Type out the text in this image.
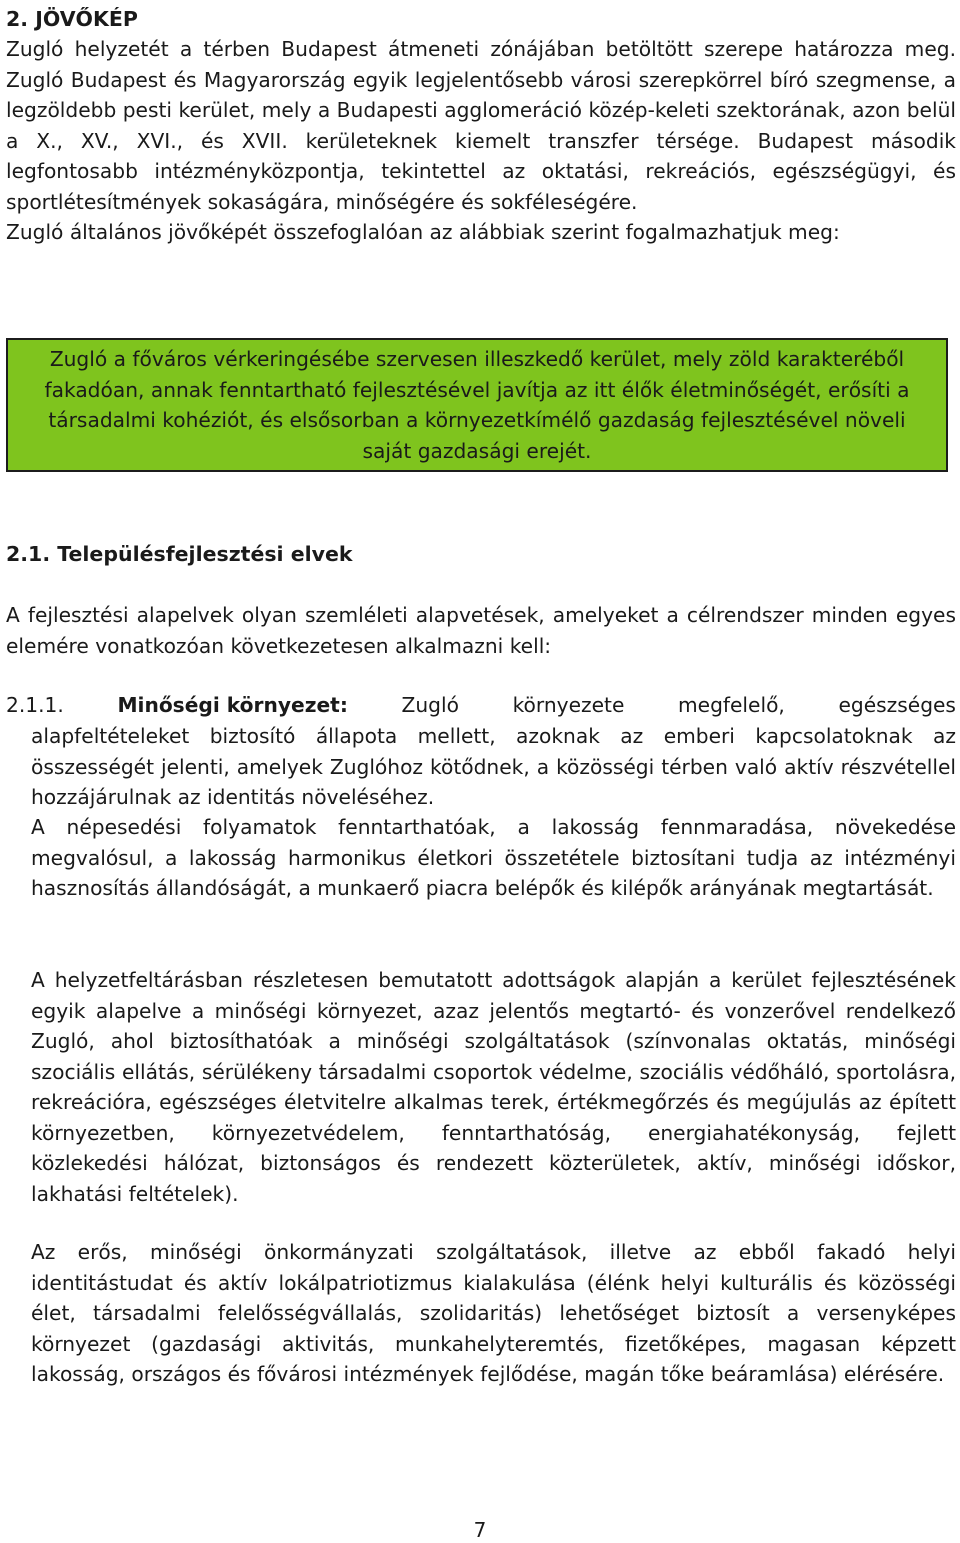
2. JÖVŐKÉP

Zugló helyzetét a térben Budapest átmeneti zónájában betöltött szerepe határozza meg. Zugló Budapest és Magyarország egyik legjelentősebb városi szerepkörrel bíró szegmense, a legzöldebb pesti kerület, mely a Budapesti agglomeráció közép-keleti szektorának, azon belül a X., XV., XVI., és XVII. kerületeknek kiemelt transzfer térsége. Budapest második legfontosabb intézményközpontja, tekintettel az oktatási, rekreációs, egészségügyi, és sportlétesítmények sokaságára, minőségére és sokféleségére.

Zugló általános jövőképét összefoglalóan az alábbiak szerint fogalmazhatjuk meg:

Zugló a főváros vérkeringésébe szervesen illeszkedő kerület, mely zöld karakteréből fakadóan, annak fenntartható fejlesztésével javítja az itt élők életminőségét, erősíti a társadalmi kohéziót, és elsősorban a környezetkímélő gazdaság fejlesztésével növeli saját gazdasági erejét.

2.1. Településfejlesztési elvek

A fejlesztési alapelvek olyan szemléleti alapvetések, amelyeket a célrendszer minden egyes elemére vonatkozóan következetesen alkalmazni kell:

2.1.1.	Minőségi környezet:	Zugló	környezete	megfelelő,	egészséges

alapfeltételeket biztosító állapota mellett, azoknak az emberi kapcsolatoknak az összességét jelenti, amelyek Zuglóhoz kötődnek, a közösségi térben való aktív részvétellel hozzájárulnak az identitás növeléséhez.

A népesedési folyamatok fenntarthatóak, a lakosság fennmaradása, növekedése megvalósul, a lakosság harmonikus életkori összetétele biztosítani tudja az intézményi hasznosítás állandóságát, a munkaerő piacra belépők és kilépők arányának megtartását.

A helyzetfeltárásban részletesen bemutatott adottságok alapján a kerület fejlesztésének egyik alapelve a minőségi környezet, azaz jelentős megtartó- és vonzerővel rendelkező Zugló, ahol biztosíthatóak a minőségi szolgáltatások (színvonalas oktatás, minőségi szociális ellátás, sérülékeny társadalmi csoportok védelme, szociális védőháló, sportolásra, rekreációra, egészséges életvitelre alkalmas terek, értékmegőrzés és megújulás az épített környezetben, környezetvédelem, fenntarthatóság, energiahatékonyság, fejlett közlekedési hálózat, biztonságos és rendezett közterületek, aktív, minőségi időskor, lakhatási feltételek).

Az erős, minőségi önkormányzati szolgáltatások, illetve az ebből fakadó helyi identitástudat és aktív lokálpatriotizmus kialakulása (élénk helyi kulturális és közösségi élet, társadalmi felelősségvállalás, szolidaritás) lehetőséget biztosít a versenyképes környezet (gazdasági aktivitás, munkahelyteremtés, fizetőképes, magasan képzett lakosság, országos és fővárosi intézmények fejlődése, magán tőke beáramlása) elérésére.

7
